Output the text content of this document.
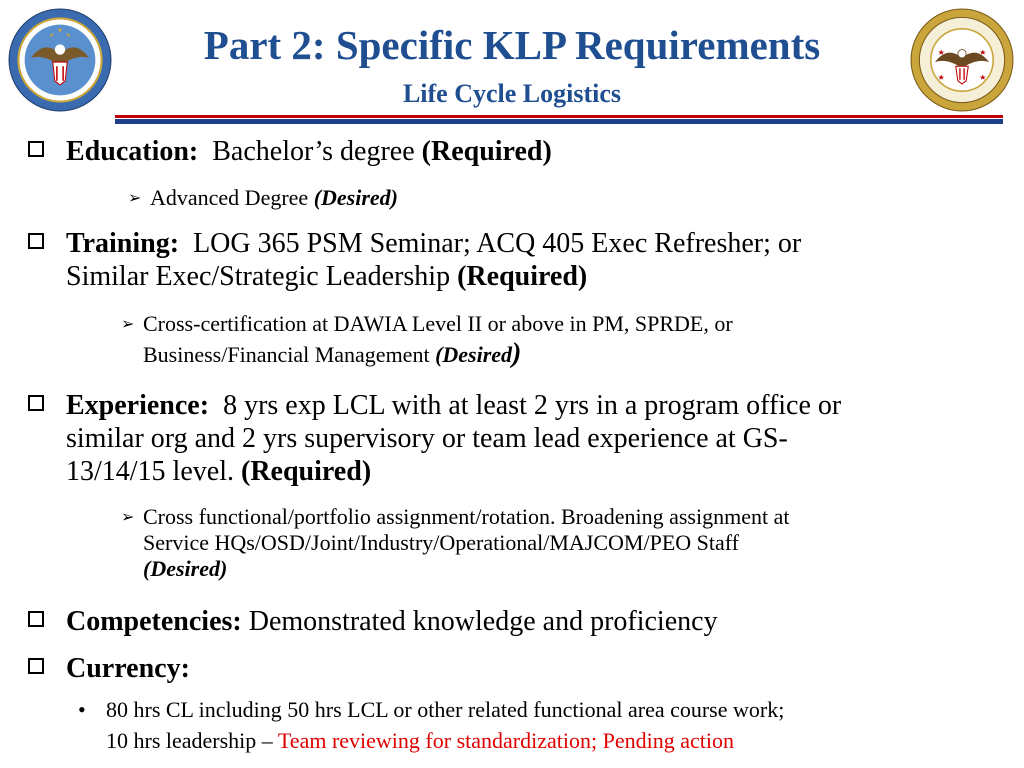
Part 2: Specific KLP Requirements
Life Cycle Logistics
Education: Bachelor’s degree (Required)
➢ Advanced Degree (Desired)
Training: LOG 365 PSM Seminar; ACQ 405 Exec Refresher; or
Similar Exec/Strategic Leadership (Required)
➢ Cross-certification at DAWIA Level II or above in PM, SPRDE, or
Business/Financial Management (Desired)
Experience: 8 yrs exp LCL with at least 2 yrs in a program office or
similar org and 2 yrs supervisory or team lead experience at GS-
13/14/15 level. (Required)
➢ Cross functional/portfolio assignment/rotation. Broadening assignment at
Service HQs/OSD/Joint/Industry/Operational/MAJCOM/PEO Staff
(Desired)
Competencies: Demonstrated knowledge and proficiency
Currency:
• 80 hrs CL including 50 hrs LCL or other related functional area course work;
10 hrs leadership – Team reviewing for standardization; Pending action
